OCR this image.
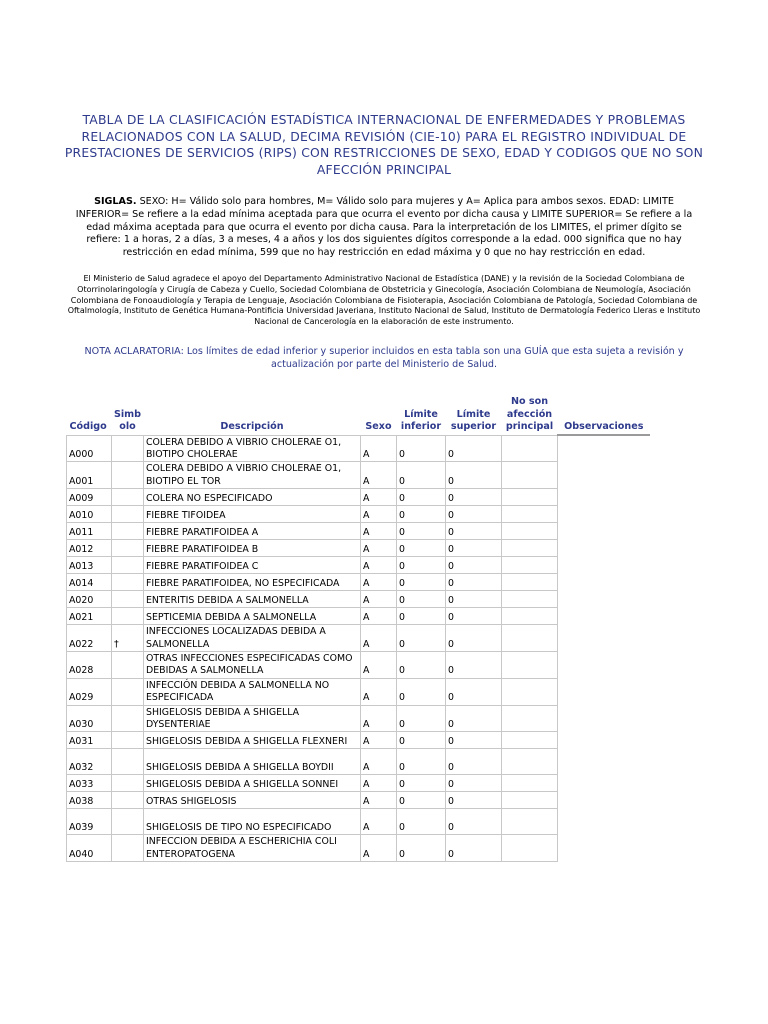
TABLA DE LA CLASIFICACIÓN ESTADÍSTICA INTERNACIONAL DE ENFERMEDADES Y PROBLEMAS RELACIONADOS CON LA SALUD, DECIMA REVISIÓN (CIE-10) PARA EL REGISTRO INDIVIDUAL DE PRESTACIONES DE SERVICIOS (RIPS) CON RESTRICCIONES DE SEXO, EDAD Y CODIGOS QUE NO SON AFECCIÓN PRINCIPAL

SIGLAS. SEXO: H= Válido solo para hombres, M= Válido solo para mujeres y A= Aplica para ambos sexos. EDAD: LIMITE INFERIOR= Se refiere a la edad mínima aceptada para que ocurra el evento por dicha causa y LIMITE SUPERIOR= Se refiere a la edad máxima aceptada para que ocurra el evento por dicha causa. Para la interpretación de los LIMITES, el primer dígito se refiere: 1 a horas, 2 a días, 3 a meses, 4 a años y los dos siguientes dígitos corresponde a la edad. 000 significa que no hay restricción en edad mínima, 599 que no hay restricción en edad máxima y 0 que no hay restricción en edad.

El Ministerio de Salud agradece el apoyo del Departamento Administrativo Nacional de Estadística (DANE) y la revisión de la Sociedad Colombiana de Otorrinolaringología y Cirugía de Cabeza y Cuello, Sociedad Colombiana de Obstetricia y Ginecología, Asociación Colombiana de Neumología, Asociación Colombiana de Fonoaudiología y Terapia de Lenguaje, Asociación Colombiana de Fisioterapia, Asociación Colombiana de Patología, Sociedad Colombiana de Oftalmología, Instituto de Genética Humana-Pontificia Universidad Javeriana, Instituto Nacional de Salud, Instituto de Dermatología Federico Lleras e Instituto Nacional de Cancerología en la elaboración de este instrumento.

NOTA ACLARATORIA: Los límites de edad inferior y superior incluidos en esta tabla son una GUÍA que esta sujeta a revisión y actualización por parte del Ministerio de Salud.

Código	Simb olo	Descripción	Sexo	Límite inferior	Límite superior	No son afección principal	Observaciones
A000		COLERA DEBIDO A VIBRIO CHOLERAE O1, BIOTIPO CHOLERAE	A	0	0		
A001		COLERA DEBIDO A VIBRIO CHOLERAE O1, BIOTIPO EL TOR	A	0	0		
A009		COLERA NO ESPECIFICADO	A	0	0		
A010		FIEBRE TIFOIDEA	A	0	0		
A011		FIEBRE PARATIFOIDEA A	A	0	0		
A012		FIEBRE PARATIFOIDEA B	A	0	0		
A013		FIEBRE PARATIFOIDEA C	A	0	0		
A014		FIEBRE PARATIFOIDEA, NO ESPECIFICADA	A	0	0		
A020		ENTERITIS DEBIDA A SALMONELLA	A	0	0		
A021		SEPTICEMIA DEBIDA A SALMONELLA	A	0	0		
A022	†	INFECCIONES LOCALIZADAS DEBIDA A SALMONELLA	A	0	0		
A028		OTRAS INFECCIONES ESPECIFICADAS COMO DEBIDAS A SALMONELLA	A	0	0		
A029		INFECCIÓN DEBIDA A SALMONELLA NO ESPECIFICADA	A	0	0		
A030		SHIGELOSIS DEBIDA A SHIGELLA DYSENTERIAE	A	0	0		
A031		SHIGELOSIS DEBIDA A SHIGELLA FLEXNERI	A	0	0		
A032		SHIGELOSIS DEBIDA A SHIGELLA BOYDII	A	0	0		
A033		SHIGELOSIS DEBIDA A SHIGELLA SONNEI	A	0	0		
A038		OTRAS SHIGELOSIS	A	0	0		
A039		SHIGELOSIS DE TIPO NO ESPECIFICADO	A	0	0		
A040		INFECCION DEBIDA A ESCHERICHIA COLI ENTEROPATOGENA	A	0	0		
